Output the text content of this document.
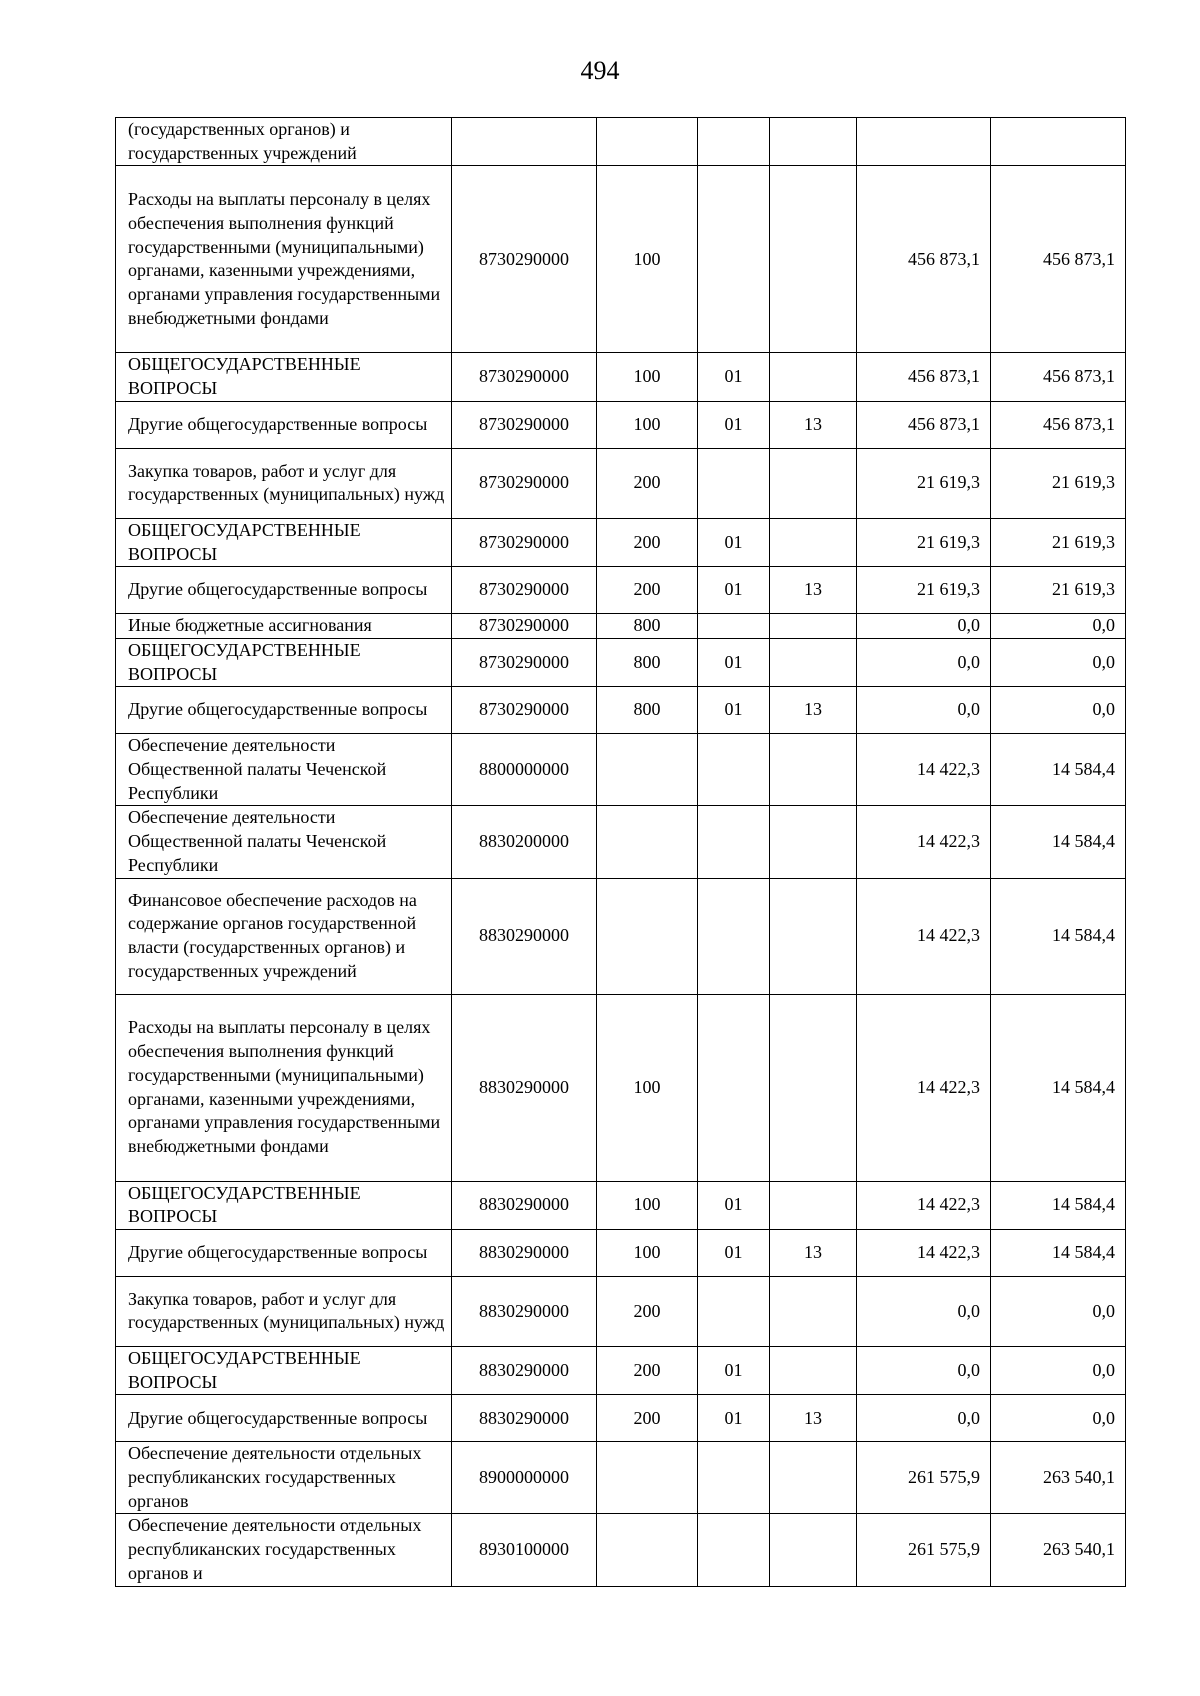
494
(государственных органов) и государственных учреждений						
Расходы на выплаты персоналу в целях обеспечения выполнения функций государственными (муниципальными) органами, казенными учреждениями, органами управления государственными внебюджетными фондами	8730290000	100			456 873,1	456 873,1
ОБЩЕГОСУДАРСТВЕННЫЕ ВОПРОСЫ	8730290000	100	01		456 873,1	456 873,1
Другие общегосударственные вопросы	8730290000	100	01	13	456 873,1	456 873,1
Закупка товаров, работ и услуг для государственных (муниципальных) нужд	8730290000	200			21 619,3	21 619,3
ОБЩЕГОСУДАРСТВЕННЫЕ ВОПРОСЫ	8730290000	200	01		21 619,3	21 619,3
Другие общегосударственные вопросы	8730290000	200	01	13	21 619,3	21 619,3
Иные бюджетные ассигнования	8730290000	800			0,0	0,0
ОБЩЕГОСУДАРСТВЕННЫЕ ВОПРОСЫ	8730290000	800	01		0,0	0,0
Другие общегосударственные вопросы	8730290000	800	01	13	0,0	0,0
Обеспечение деятельности Общественной палаты Чеченской Республики	8800000000				14 422,3	14 584,4
Обеспечение деятельности Общественной палаты Чеченской Республики	8830200000				14 422,3	14 584,4
Финансовое обеспечение расходов на содержание органов государственной власти (государственных органов) и государственных учреждений	8830290000				14 422,3	14 584,4
Расходы на выплаты персоналу в целях обеспечения выполнения функций государственными (муниципальными) органами, казенными учреждениями, органами управления государственными внебюджетными фондами	8830290000	100			14 422,3	14 584,4
ОБЩЕГОСУДАРСТВЕННЫЕ ВОПРОСЫ	8830290000	100	01		14 422,3	14 584,4
Другие общегосударственные вопросы	8830290000	100	01	13	14 422,3	14 584,4
Закупка товаров, работ и услуг для государственных (муниципальных) нужд	8830290000	200			0,0	0,0
ОБЩЕГОСУДАРСТВЕННЫЕ ВОПРОСЫ	8830290000	200	01		0,0	0,0
Другие общегосударственные вопросы	8830290000	200	01	13	0,0	0,0
Обеспечение деятельности отдельных республиканских государственных органов	8900000000				261 575,9	263 540,1
Обеспечение деятельности отдельных республиканских государственных органов и	8930100000				261 575,9	263 540,1
